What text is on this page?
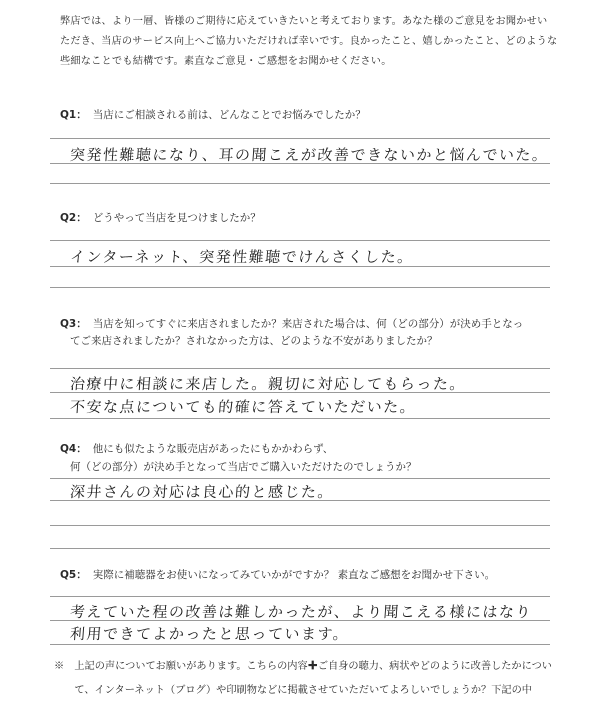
弊店では、より一層、皆様のご期待に応えていきたいと考えております。あなた様のご意見をお聞かせい
ただき、当店のサービス向上へご協力いただければ幸いです。良かったこと、嬉しかったこと、どのような
些細なことでも結構です。素直なご意見・ご感想をお聞かせください。
Q1： 当店にご相談される前は、どんなことでお悩みでしたか？
突発性難聴になり、耳の聞こえが改善できないかと悩んでいた。
Q2： どうやって当店を見つけましたか？
インターネット、突発性難聴でけんさくした。
Q3： 当店を知ってすぐに来店されましたか？来店された場合は、何（どの部分）が決め手となっ
てご来店されましたか？されなかった方は、どのような不安がありましたか？
治療中に相談に来店した。親切に対応してもらった。
不安な点についても的確に答えていただいた。
Q4： 他にも似たような販売店があったにもかかわらず、
何（どの部分）が決め手となって当店でご購入いただけたのでしょうか？
深井さんの対応は良心的と感じた。
Q5： 実際に補聴器をお使いになってみていかがですか？ 素直なご感想をお聞かせ下さい。
考えていた程の改善は難しかったが、より聞こえる様にはなり
利用できてよかったと思っています。
※　上記の声についてお願いがあります。こちらの内容✚ご自身の聴力、病状やどのように改善したかについ
　　て、インターネット（ブログ）や印刷物などに掲載させていただいてよろしいでしょうか？下記の中
